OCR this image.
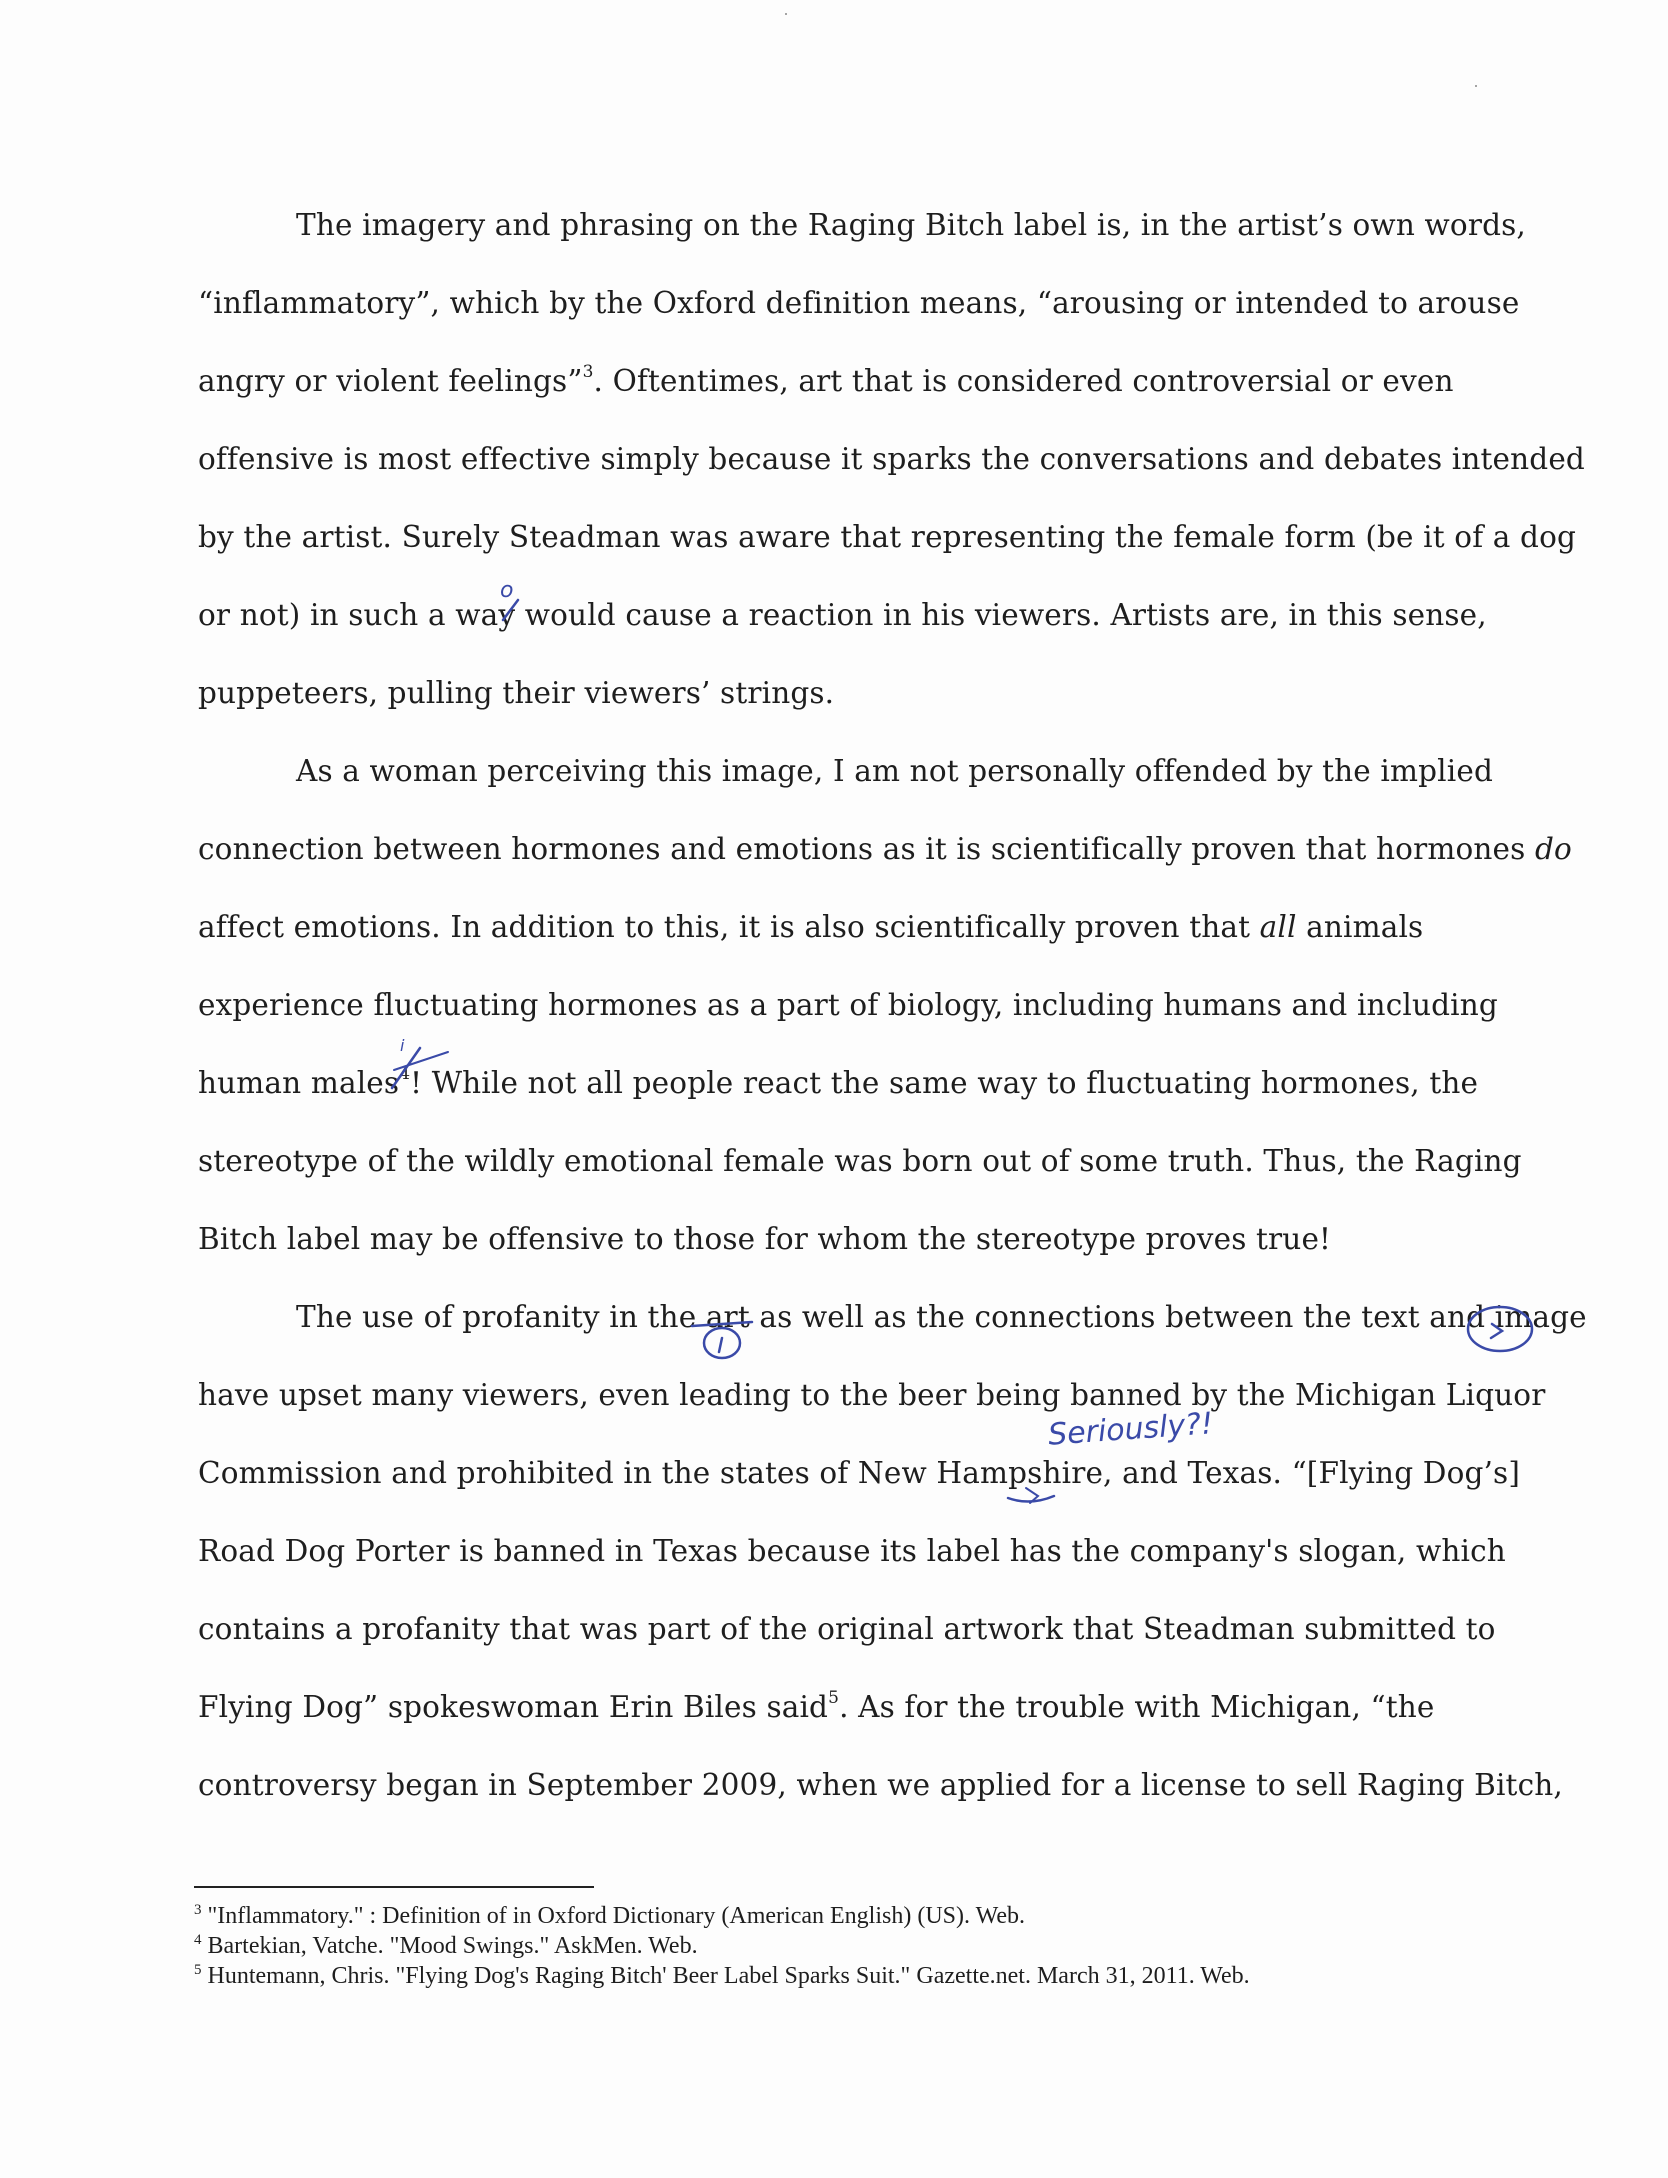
The imagery and phrasing on the Raging Bitch label is, in the artist’s own words,
“inflammatory”, which by the Oxford definition means, “arousing or intended to arouse
angry or violent feelings”$^3$. Oftentimes, art that is considered controversial or even
offensive is most effective simply because it sparks the conversations and debates intended
by the artist. Surely Steadman was aware that representing the female form (be it of a dog
or not) in such a way would cause a reaction in his viewers. Artists are, in this sense,
puppeteers, pulling their viewers’ strings.
As a woman perceiving this image, I am not personally offended by the implied
connection between hormones and emotions as it is scientifically proven that hormones do
affect emotions. In addition to this, it is also scientifically proven that all animals
experience fluctuating hormones as a part of biology, including humans and including
human males$^4$! While not all people react the same way to fluctuating hormones, the
stereotype of the wildly emotional female was born out of some truth. Thus, the Raging
Bitch label may be offensive to those for whom the stereotype proves true!
The use of profanity in the art as well as the connections between the text and image
have upset many viewers, even leading to the beer being banned by the Michigan Liquor
Commission and prohibited in the states of New Hampshire, and Texas. “[Flying Dog’s]
Road Dog Porter is banned in Texas because its label has the company's slogan, which
contains a profanity that was part of the original artwork that Steadman submitted to
Flying Dog” spokeswoman Erin Biles said$^5$. As for the trouble with Michigan, “the
controversy began in September 2009, when we applied for a license to sell Raging Bitch,
Seriously?!
o
i
$^3$ "Inflammatory." : Definition of in Oxford Dictionary (American English) (US). Web.
$^4$ Bartekian, Vatche. "Mood Swings." AskMen. Web.
$^5$ Huntemann, Chris. "Flying Dog's Raging Bitch' Beer Label Sparks Suit." Gazette.net. March 31, 2011. Web.
